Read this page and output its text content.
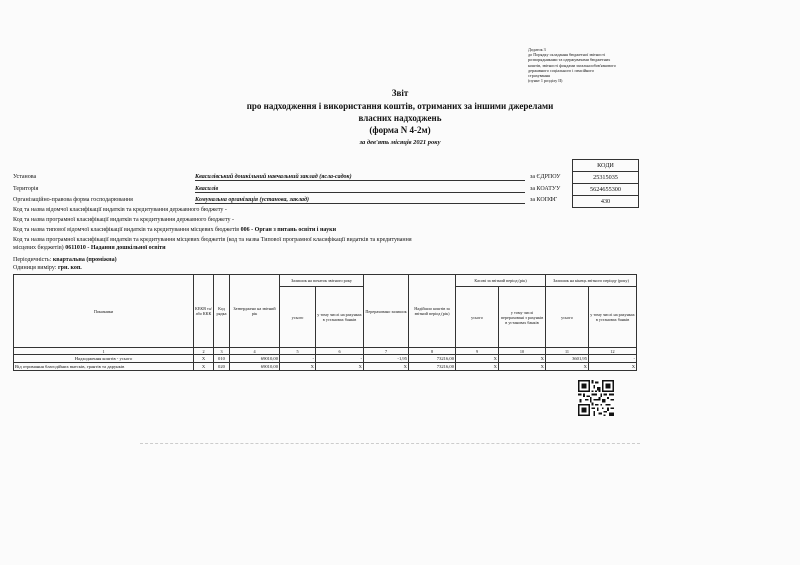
Додаток 3
до Порядку складання бюджетної звітності
розпорядниками та одержувачами бюджетних
коштів, звітності фондами загальнообов'язкового
державного соціального і пенсійного
страхування
(пункт 1 розділу II)
Звіт
про надходження і використання коштів, отриманих за іншими джерелами
власних надходжень
(форма N 4-2м)
за дев'ять місяців 2021 року
КОДИ
25315035
5624655300
430
за ЄДРПОУ
за КОАТУУ
за КОПФГ
Установа	Квасилівський дошкільний навчальний заклад (ясла-садок)
Територія	Квасилів
Організаційно-правова форма господарювання	Комунальна організація (установа, заклад)
Код та назва відомчої класифікації видатків та кредитування державного бюджету -
Код та назва програмної класифікації видатків та кредитування державного бюджету -
Код та назва типової відомчої класифікації видатків та кредитування місцевих бюджетів 006 - Орган з питань освіти і науки
Код та назва програмної класифікації видатків та кредитування місцевих бюджетів (код та назва Типової програмної класифікації видатків та кредитування
місцевих бюджетів) 0611010 - Надання дошкільної освіти
Періодичність: квартальна (проміжна)
Одиниця виміру: грн. коп.
Показники	КЕКВ та/або ККК	Код рядка	Затверджено на звітний рік	Залишок на початок звітного року		Перераховано залишок	Надійшло коштів за звітний період (рік)	Касові за звітний період (рік)		Залишок на кінець звітного періоду (року)	
				усього	у тому числі на рахунках в установах банків			усього	у тому числі перераховані з рахунків в установах банків	усього	у тому числі на рахунках в установах банків
1	2	3	4	5	6	7	8	9	10	11	12
Надходження коштів - усього	X	010	69010,00	-	-	-1,95	73216,00	X	X	3601,95	-
Від отримання благодійних внесків, грантів та дарунків	X	020	69010,00	X	X	X	73216,00	X	X	X	X
